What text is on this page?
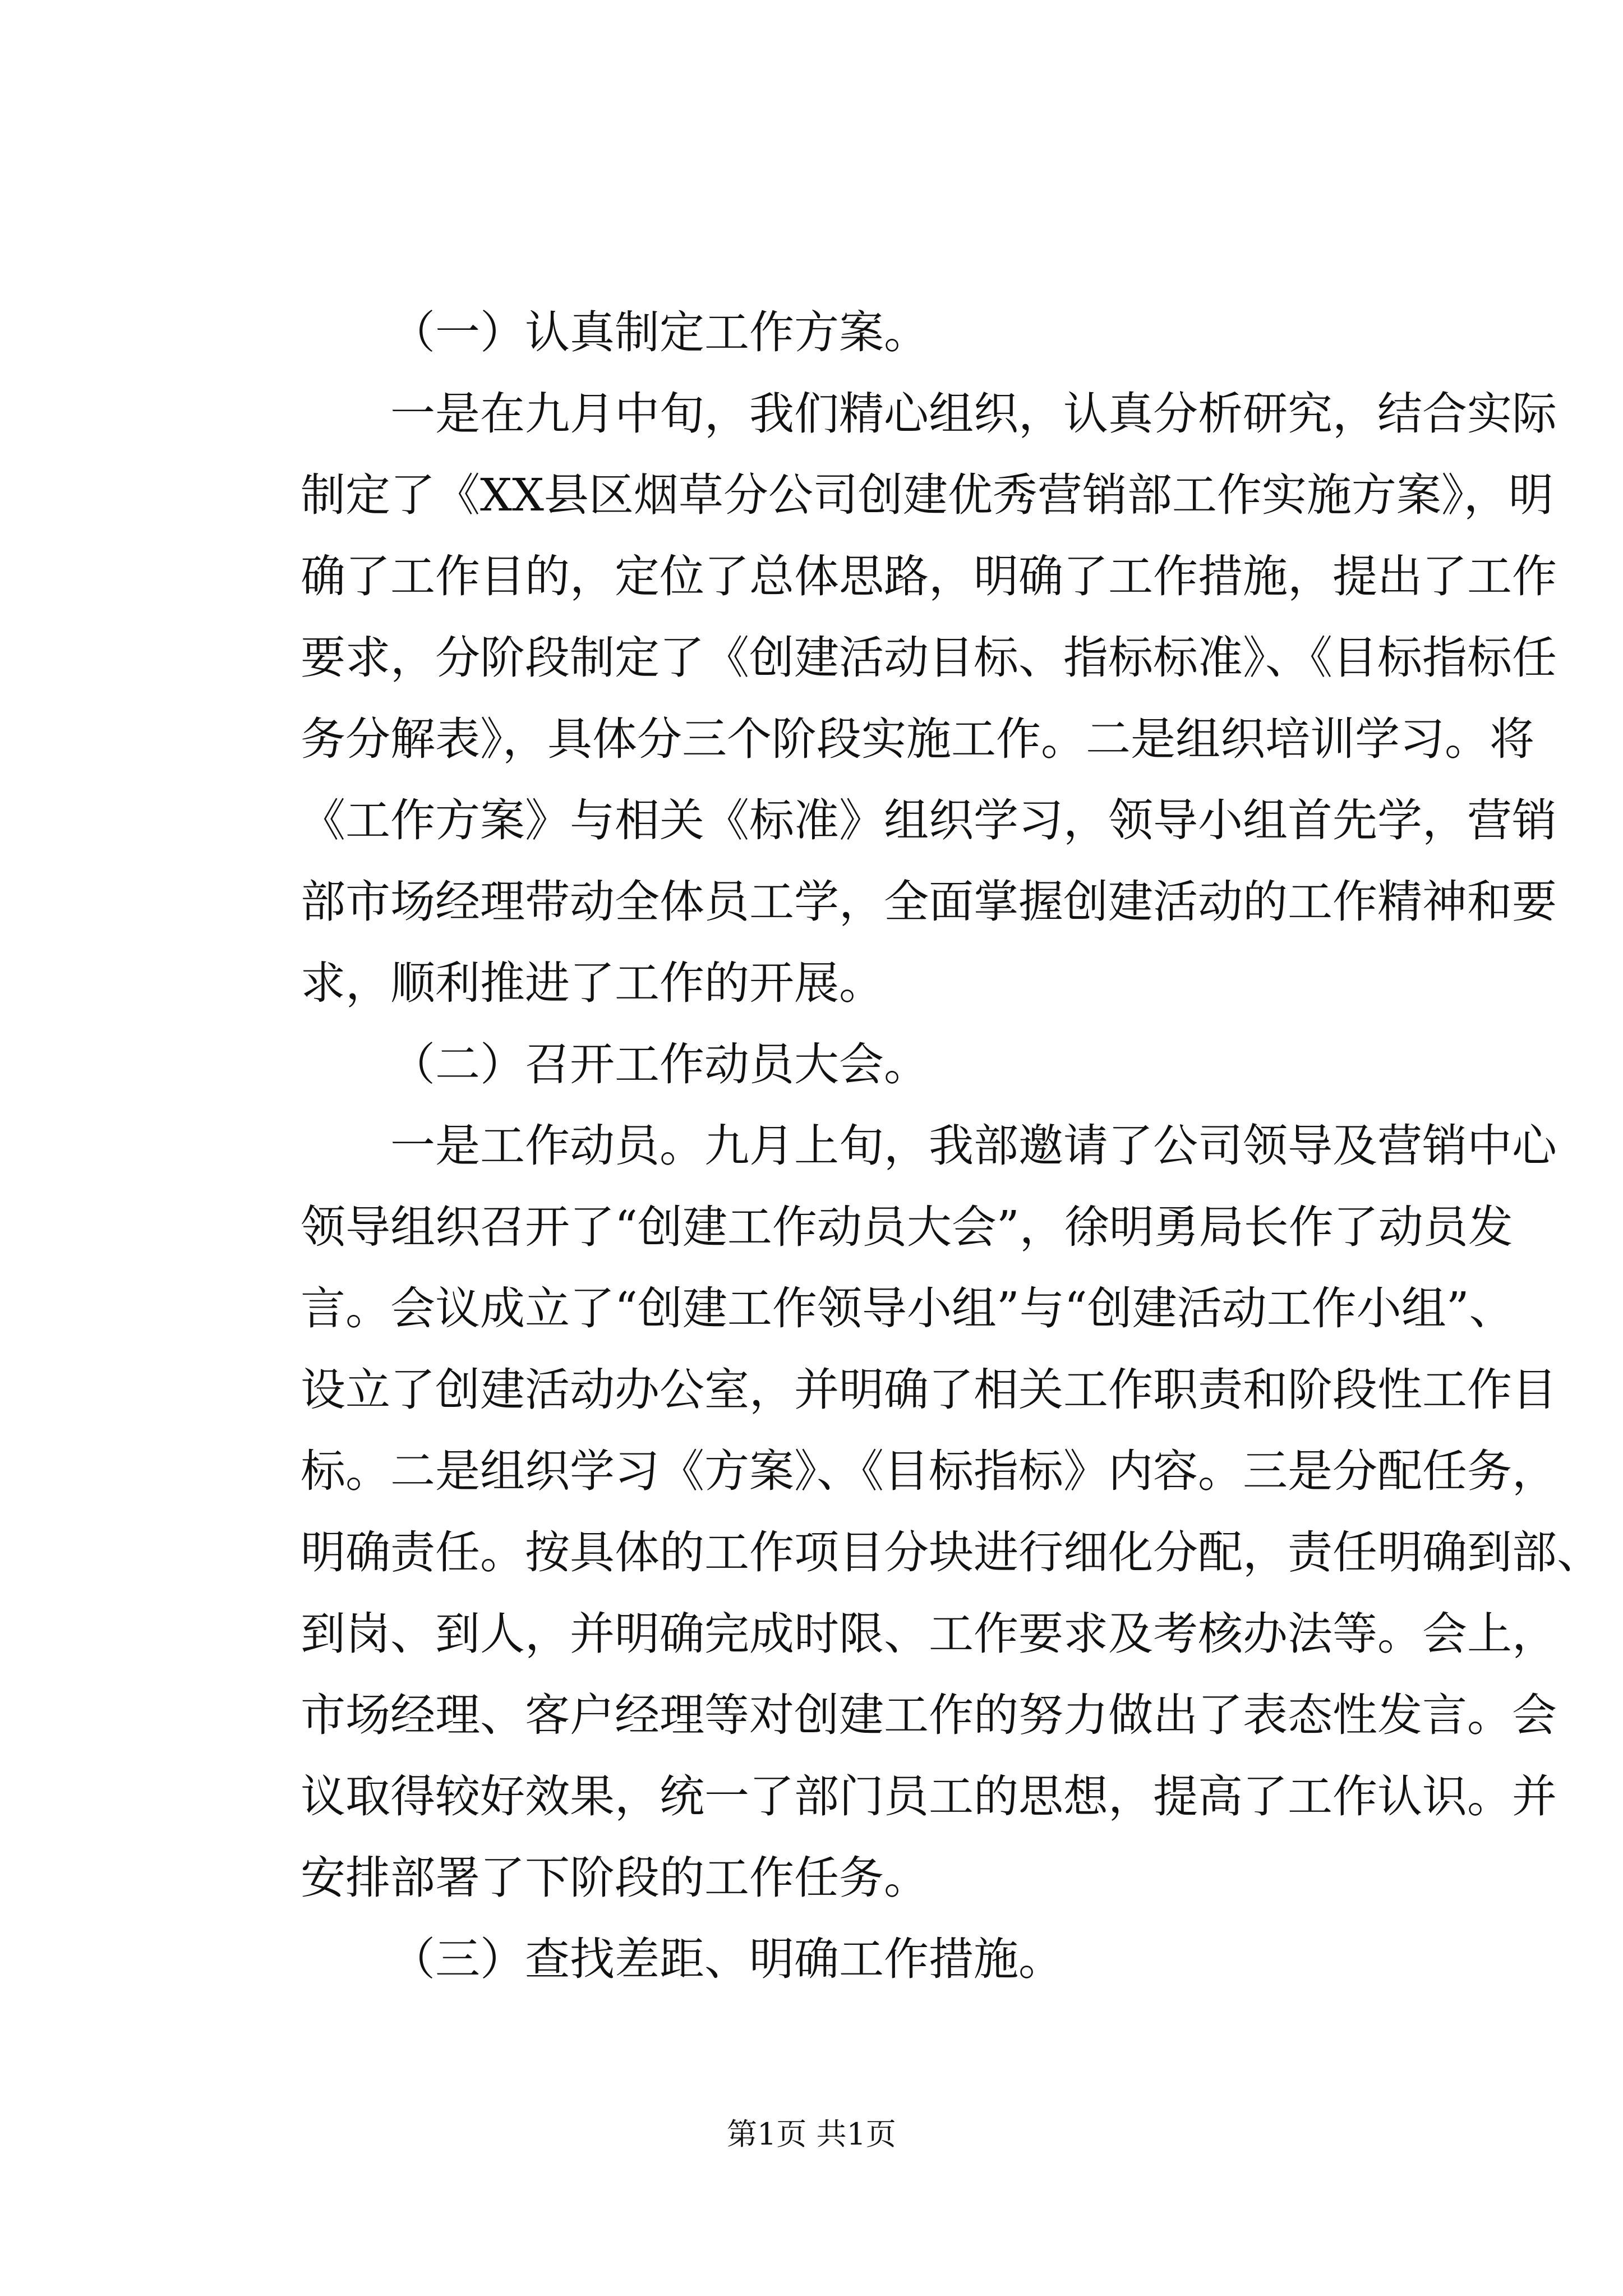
（一）认真制定工作方案。
一是在九月中旬，我们精心组织，认真分析研究，结合实际
制定了《XX县区烟草分公司创建优秀营销部工作实施方案》，明
确了工作目的，定位了总体思路，明确了工作措施，提出了工作
要求，分阶段制定了《创建活动目标、指标标准》、《目标指标任
务分解表》，具体分三个阶段实施工作。二是组织培训学习。将
《工作方案》与相关《标准》组织学习，领导小组首先学，营销
部市场经理带动全体员工学，全面掌握创建活动的工作精神和要
求，顺利推进了工作的开展。
（二）召开工作动员大会。
一是工作动员。九月上旬，我部邀请了公司领导及营销中心
领导组织召开了“创建工作动员大会”，徐明勇局长作了动员发
言。会议成立了“创建工作领导小组”与“创建活动工作小组”、
设立了创建活动办公室，并明确了相关工作职责和阶段性工作目
标。二是组织学习《方案》、《目标指标》内容。三是分配任务，
明确责任。按具体的工作项目分块进行细化分配，责任明确到部、
到岗、到人，并明确完成时限、工作要求及考核办法等。会上，
市场经理、客户经理等对创建工作的努力做出了表态性发言。会
议取得较好效果，统一了部门员工的思想，提高了工作认识。并
安排部署了下阶段的工作任务。
（三）查找差距、明确工作措施。
第1页 共1页
